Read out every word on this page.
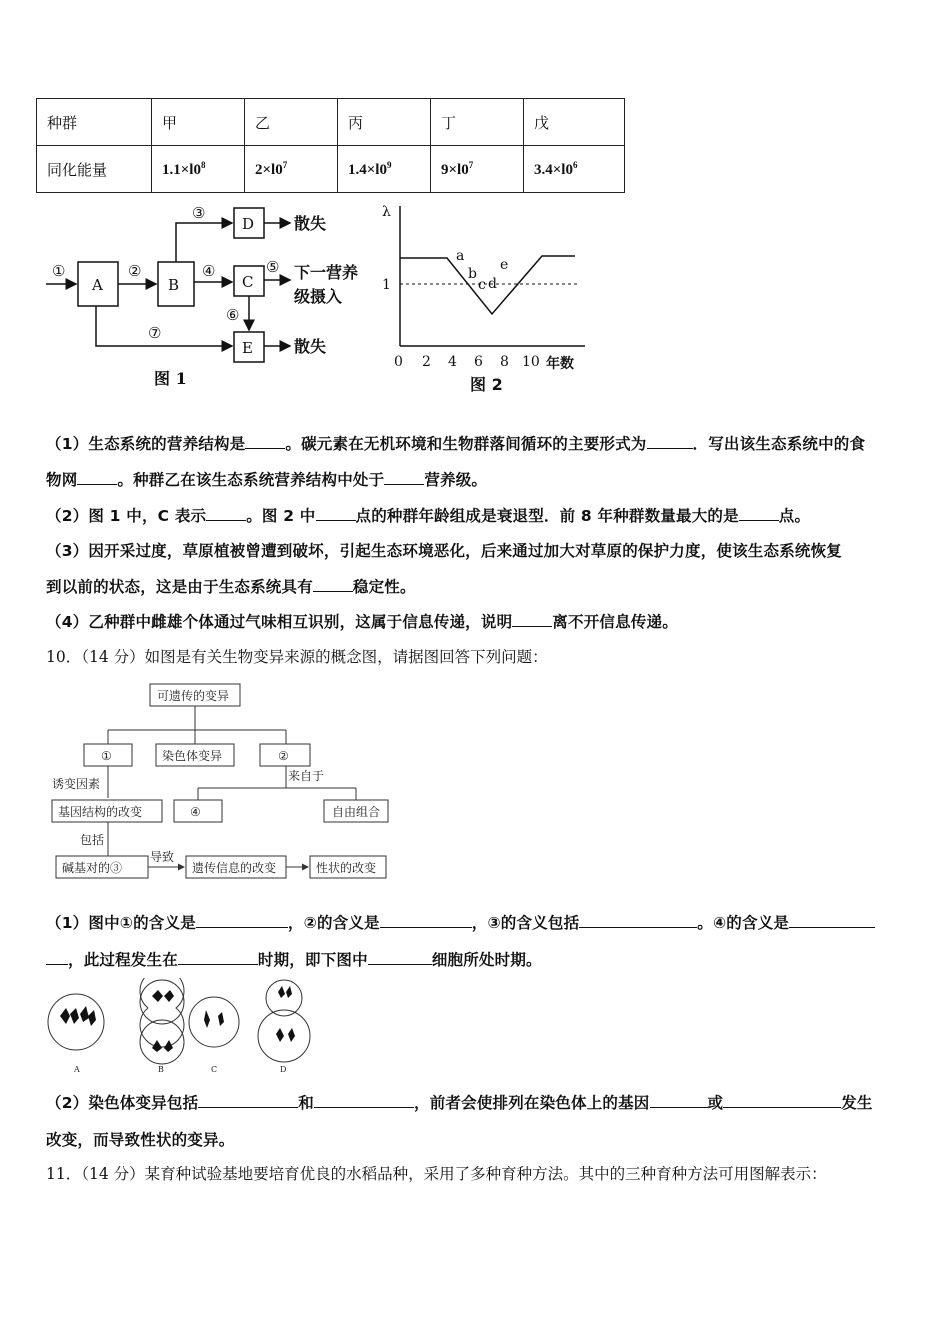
种群	甲	乙	丙	丁	戊
同化能量	$1.1\times l0^8$	$2\times l0^7$	$1.4\times l0^9$	$9\times l0^7$	$3.4\times l0^6$
A	B
D
C
E
①	②
③
④	⑤
⑥
⑦
散失
下一营养
级摄入
散失
图 1
λ
1
0 2 4 6 8 10 年数
a
b
c d
e
图 2
（1）生态系统的营养结构是	。碳元素在无机环境和生物群落间循环的主要形式为	．写出该生态系统中的食
物网	。种群乙在该生态系统营养结构中处于	营养级。
（2）图 1 中，C 表示	。图 2 中	点的种群年龄组成是衰退型．前 8 年种群数量最大的是	点。
（3）因开采过度，草原植被曾遭到破坏，引起生态环境恶化，后来通过加大对草原的保护力度，使该生态系统恢复
到以前的状态，这是由于生态系统具有	稳定性。
（4）乙种群中雌雄个体通过气味相互识别，这属于信息传递，说明	离不开信息传递。
10．（14 分）如图是有关生物变异来源的概念图，请据图回答下列问题：
可遗传的变异
①	染色体变异	②
来自于
诱变因素
基因结构的改变	④	自由组合
包括
碱基对的③
导致
遗传信息的改变	性状的改变
（1）图中①的含义是	，②的含义是	，③的含义包括	。④的含义是
，此过程发生在	时期，即下图中	细胞所处时期。
A	B	C	D
（2）染色体变异包括	和	，前者会使排列在染色体上的基因	或	发生
改变，而导致性状的变异。
11．（14 分）某育种试验基地要培育优良的水稻品种，采用了多种育种方法。其中的三种育种方法可用图解表示：
